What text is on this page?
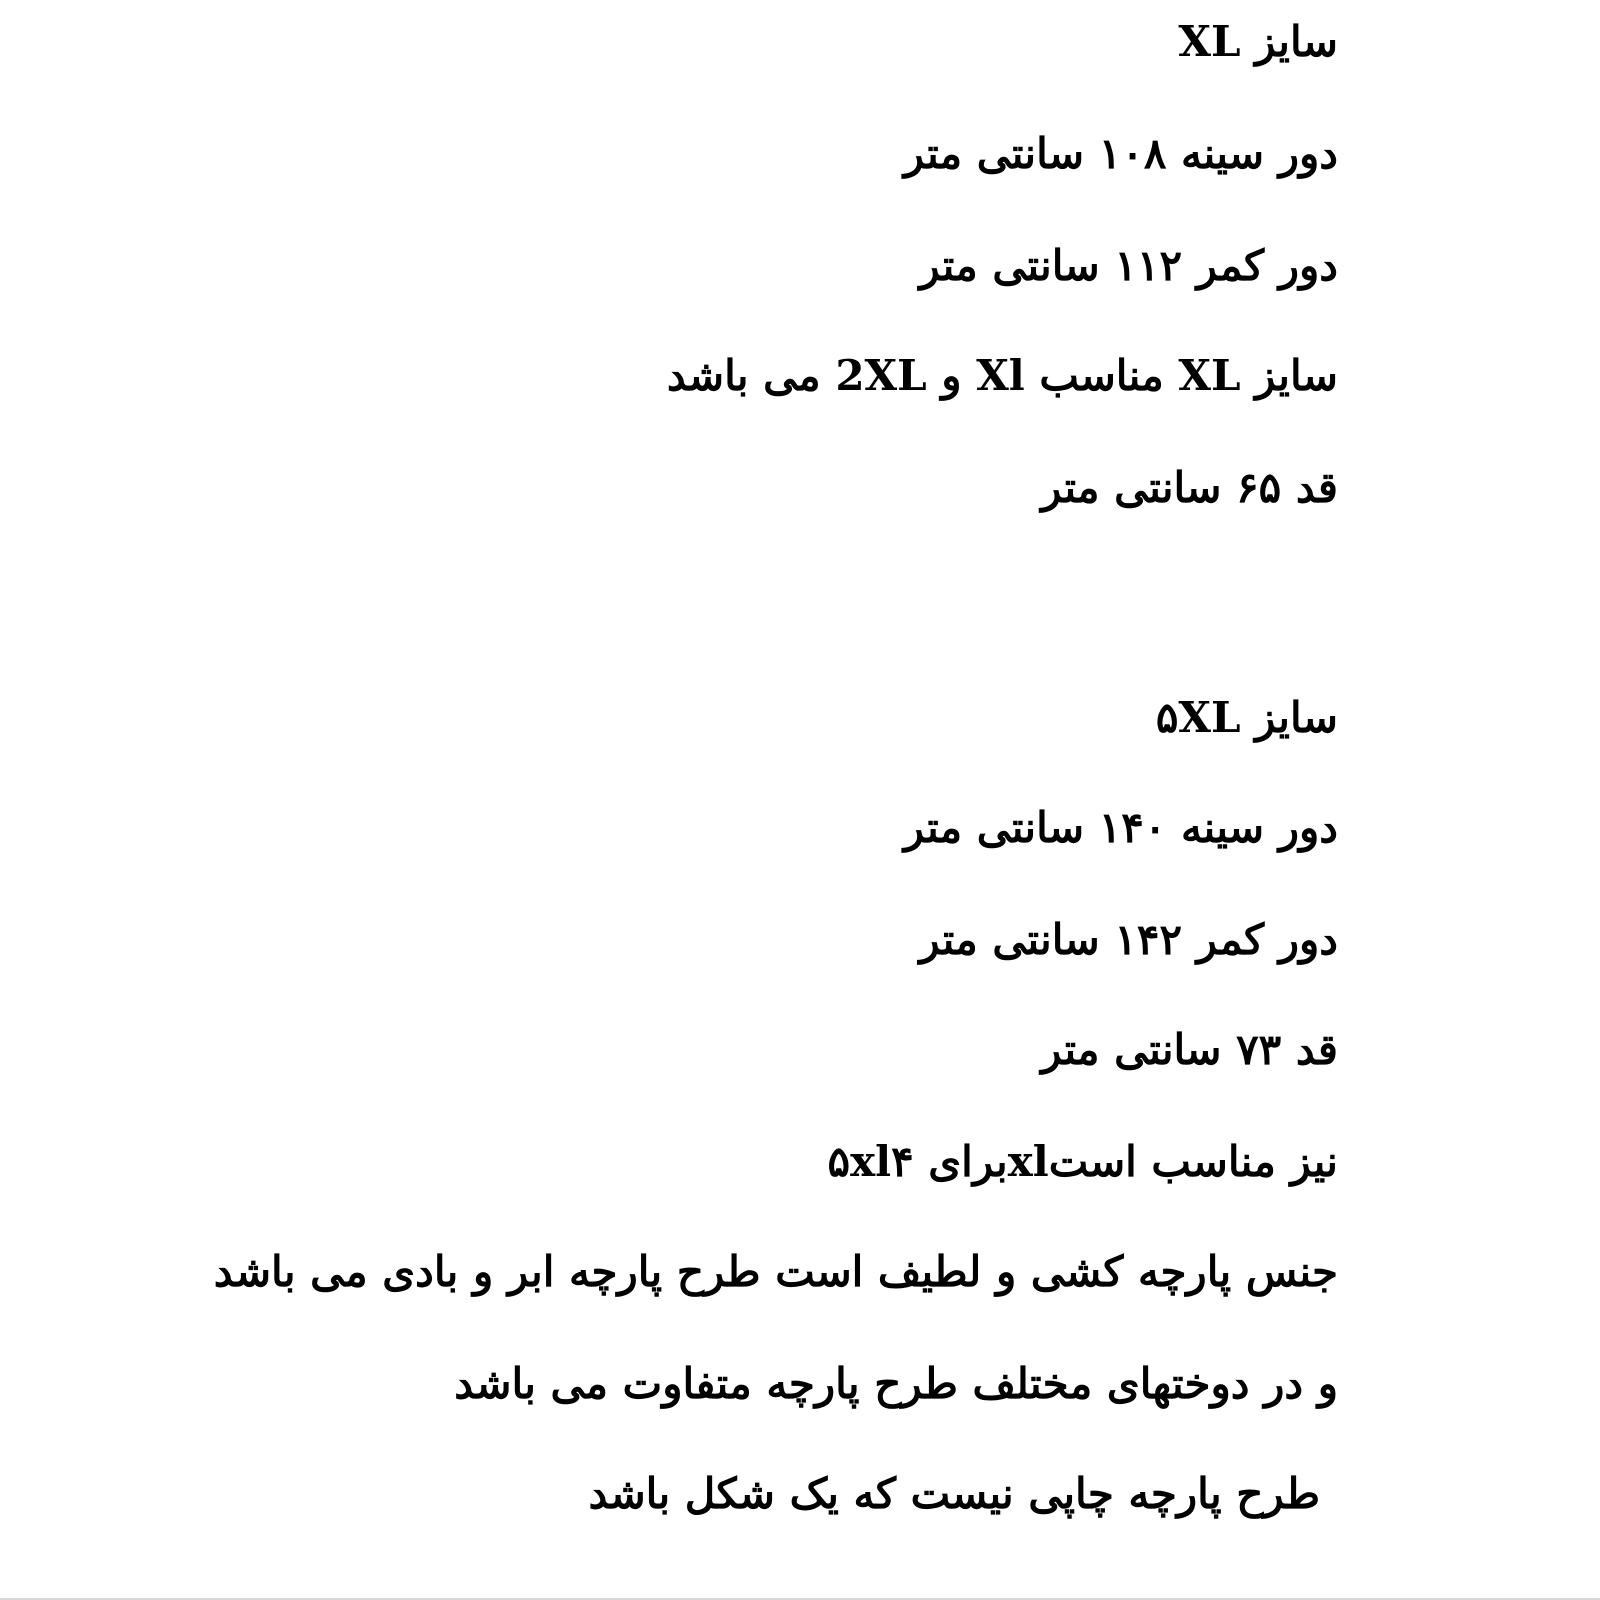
سایز XL
دور سینه ۱۰۸ سانتی متر
دور کمر ۱۱۲ سانتی متر
سایز XL مناسب Xl و 2XL می باشد
قد ۶۵ سانتی متر
سایز ۵XL
دور سینه ۱۴۰ سانتی متر
دور کمر ۱۴۲ سانتی متر
قد ۷۳ سانتی متر
۵xlبرای ۴xlنیز مناسب است
جنس پارچه کشی و لطیف است طرح پارچه ابر و بادی می باشد
و در دوختهای مختلف طرح پارچه متفاوت می باشد
طرح پارچه چاپی نیست که یک شکل باشد
